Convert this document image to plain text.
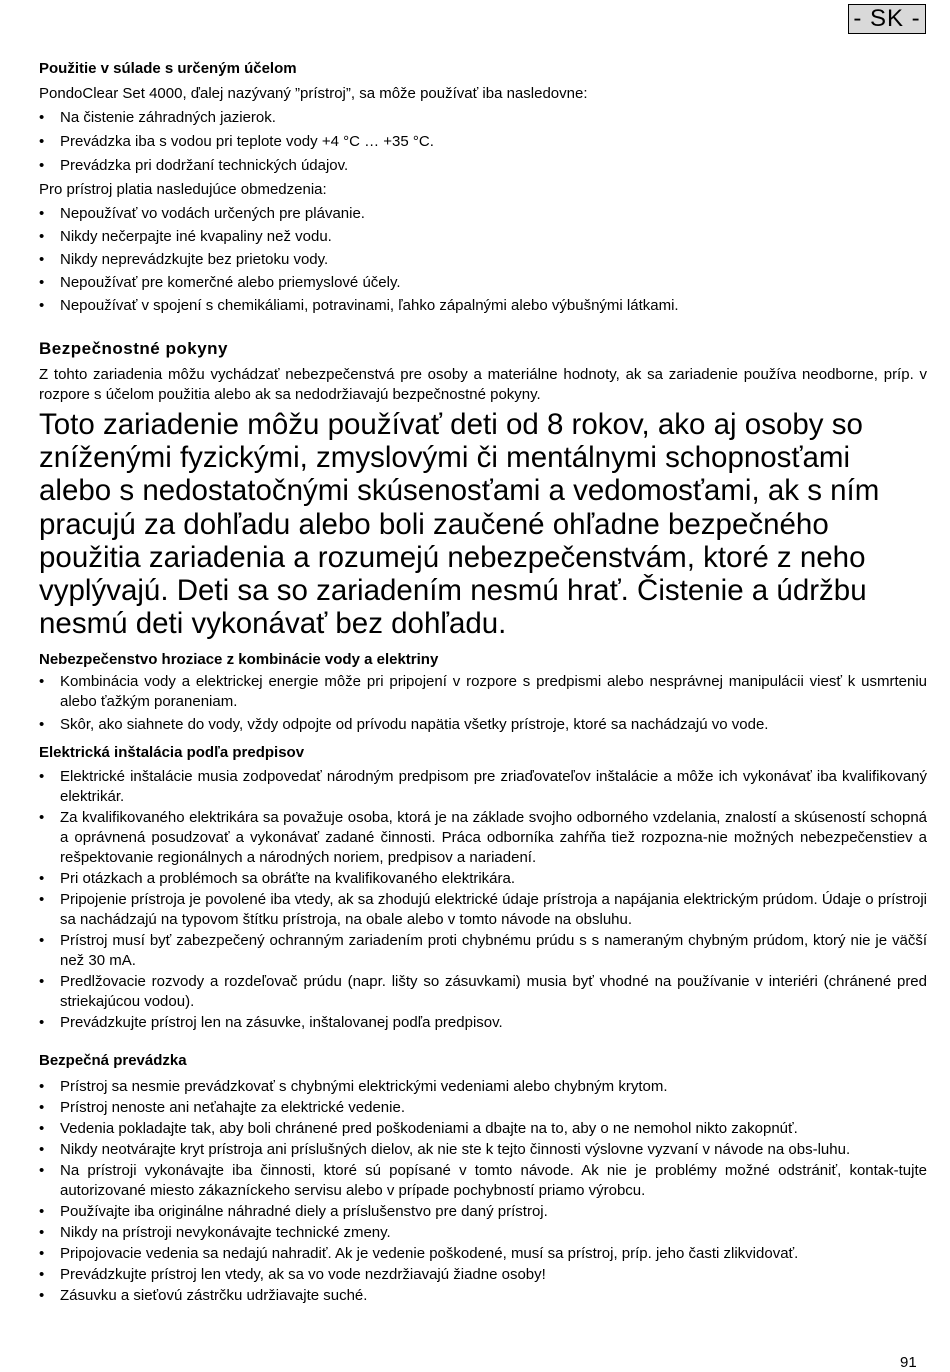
- SK -
Použitie v súlade s určeným účelom

PondoClear Set 4000, ďalej nazývaný ”prístroj”, sa môže používať iba nasledovne:

• Na čistenie záhradných jazierok.
• Prevádzka iba s vodou pri teplote vody +4 °C … +35 °C.
• Prevádzka pri dodržaní technických údajov.

Pro prístroj platia nasledujúce obmedzenia:

• Nepoužívať vo vodách určených pre plávanie.
• Nikdy nečerpajte iné kvapaliny než vodu.
• Nikdy neprevádzkujte bez prietoku vody.
• Nepoužívať pre komerčné alebo priemyslové účely.
• Nepoužívať v spojení s chemikáliami, potravinami, ľahko zápalnými alebo výbušnými látkami.
Bezpečnostné pokyny

Z tohto zariadenia môžu vychádzať nebezpečenstvá pre osoby a materiálne hodnoty, ak sa zariadenie používa neodborne, príp. v rozpore s účelom použitia alebo ak sa nedodržiavajú bezpečnostné pokyny.

Toto zariadenie môžu používať deti od 8 rokov, ako aj osoby so zníženými fyzickými, zmyslovými či mentálnymi schopnosťami alebo s nedostatočnými skúsenosťami a vedomosťami, ak s ním pracujú za dohľadu alebo boli zaučené ohľadne bezpečného použitia zariadenia a rozumejú nebezpečenstvám, ktoré z neho vyplývajú. Deti sa so zariadením nesmú hrať. Čistenie a údržbu nesmú deti vykonávať bez dohľadu.

Nebezpečenstvo hroziace z kombinácie vody a elektriny
• Kombinácia vody a elektrickej energie môže pri pripojení v rozpore s predpismi alebo nesprávnej manipulácii viesť k usmrteniu alebo ťažkým poraneniam.
• Skôr, ako siahnete do vody, vždy odpojte od prívodu napätia všetky prístroje, ktoré sa nachádzajú vo vode.
Elektrická inštalácia podľa predpisov
• Elektrické inštalácie musia zodpovedať národným predpisom pre zriaďovateľov inštalácie a môže ich vykonávať iba kvalifikovaný elektrikár.
• Za kvalifikovaného elektrikára sa považuje osoba, ktorá je na základe svojho odborného vzdelania, znalostí a skúseností schopná a oprávnená posudzovať a vykonávať zadané činnosti. Práca odborníka zahŕňa tiež rozpozna-nie možných nebezpečenstiev a rešpektovanie regionálnych a národných noriem, predpisov a nariadení.
• Pri otázkach a problémoch sa obráťte na kvalifikovaného elektrikára.
• Pripojenie prístroja je povolené iba vtedy, ak sa zhodujú elektrické údaje prístroja a napájania elektrickým prúdom. Údaje o prístroji sa nachádzajú na typovom štítku prístroja, na obale alebo v tomto návode na obsluhu.
• Prístroj musí byť zabezpečený ochranným zariadením proti chybnému prúdu s s nameraným chybným prúdom, ktorý nie je väčší než 30 mA.
• Predlžovacie rozvody a rozdeľovač prúdu (napr. lišty so zásuvkami) musia byť vhodné na používanie v interiéri (chránené pred striekajúcou vodou).
• Prevádzkujte prístroj len na zásuvke, inštalovanej podľa predpisov.
Bezpečná prevádzka
• Prístroj sa nesmie prevádzkovať s chybnými elektrickými vedeniami alebo chybným krytom.
• Prístroj nenoste ani neťahajte za elektrické vedenie.
• Vedenia pokladajte tak, aby boli chránené pred poškodeniami a dbajte na to, aby o ne nemohol nikto zakopnúť.
• Nikdy neotvárajte kryt prístroja ani príslušných dielov, ak nie ste k tejto činnosti výslovne vyzvaní v návode na obs-luhu.
• Na prístroji vykonávajte iba činnosti, ktoré sú popísané v tomto návode. Ak nie je problémy možné odstrániť, kontak-tujte autorizované miesto zákazníckeho servisu alebo v prípade pochybností priamo výrobcu.
• Používajte iba originálne náhradné diely a príslušenstvo pre daný prístroj.
• Nikdy na prístroji nevykonávajte technické zmeny.
• Pripojovacie vedenia sa nedajú nahradiť. Ak je vedenie poškodené, musí sa prístroj, príp. jeho časti zlikvidovať.
• Prevádzkujte prístroj len vtedy, ak sa vo vode nezdržiavajú žiadne osoby!
• Zásuvku a sieťovú zástrčku udržiavajte suché.
91
